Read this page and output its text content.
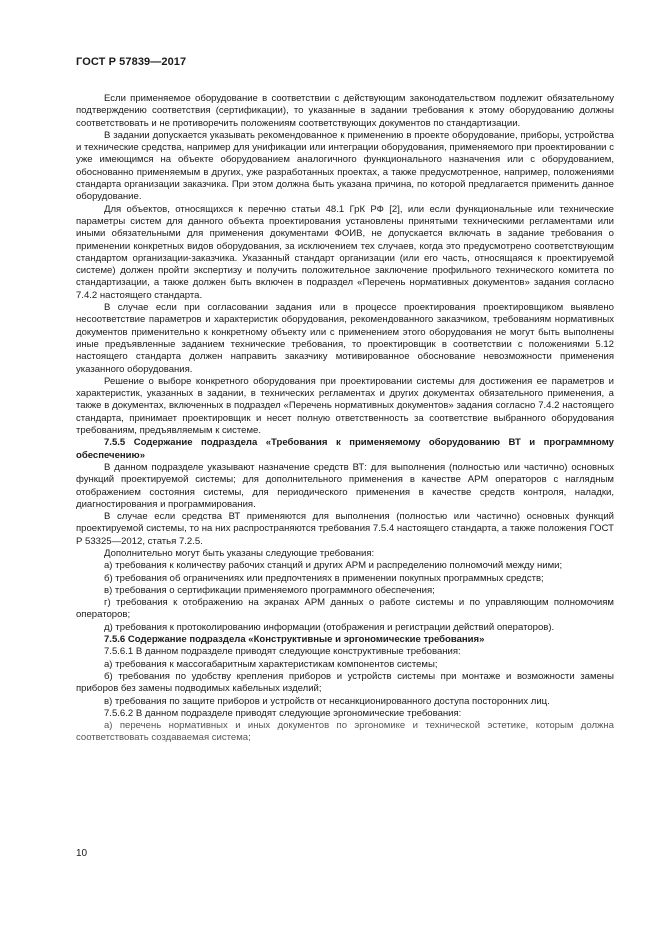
ГОСТ Р 57839—2017

Если применяемое оборудование в соответствии с действующим законодательством подлежит обязательному подтверждению соответствия (сертификации), то указанные в задании требования к этому оборудованию должны соответствовать и не противоречить положениям соответствующих документов по стандартизации.

В задании допускается указывать рекомендованное к применению в проекте оборудование, приборы, устройства и технические средства, например для унификации или интеграции оборудования, применяемого при проектировании с уже имеющимся на объекте оборудованием аналогичного функционального назначения или с оборудованием, обоснованно применяемым в других, уже разработанных проектах, а также предусмотренное, например, положениями стандарта организации заказчика. При этом должна быть указана причина, по которой предлагается применить данное оборудование.

Для объектов, относящихся к перечню статьи 48.1 ГрК РФ [2], или если функциональные или технические параметры систем для данного объекта проектирования установлены принятыми техническими регламентами или иными обязательными для применения документами ФОИВ, не допускается включать в задание требования о применении конкретных видов оборудования, за исключением тех случаев, когда это предусмотрено соответствующим стандартом организации-заказчика. Указанный стандарт организации (или его часть, относящаяся к проектируемой системе) должен пройти экспертизу и получить положительное заключение профильного технического комитета по стандартизации, а также должен быть включен в подраздел «Перечень нормативных документов» задания согласно 7.4.2 настоящего стандарта.

В случае если при согласовании задания или в процессе проектирования проектировщиком выявлено несоответствие параметров и характеристик оборудования, рекомендованного заказчиком, требованиям нормативных документов применительно к конкретному объекту или с применением этого оборудования не могут быть выполнены иные предъявленные заданием технические требования, то проектировщик в соответствии с положениями 5.12 настоящего стандарта должен направить заказчику мотивированное обоснование невозможности применения указанного оборудования.

Решение о выборе конкретного оборудования при проектировании системы для достижения ее параметров и характеристик, указанных в задании, в технических регламентах и других документах обязательного применения, а также в документах, включенных в подраздел «Перечень нормативных документов» задания согласно 7.4.2 настоящего стандарта, принимает проектировщик и несет полную ответственность за соответствие выбранного оборудования требованиям, предъявляемым к системе.

7.5.5 Содержание подраздела «Требования к применяемому оборудованию ВТ и программному обеспечению»

В данном подразделе указывают назначение средств ВТ: для выполнения (полностью или частично) основных функций проектируемой системы; для дополнительного применения в качестве АРМ операторов с наглядным отображением состояния системы, для периодического применения в качестве средств контроля, наладки, диагностирования и программирования.

В случае если средства ВТ применяются для выполнения (полностью или частично) основных функций проектируемой системы, то на них распространяются требования 7.5.4 настоящего стандарта, а также положения ГОСТ Р 53325—2012, статья 7.2.5.

Дополнительно могут быть указаны следующие требования:

а) требования к количеству рабочих станций и других АРМ и распределению полномочий между ними;

б) требования об ограничениях или предпочтениях в применении покупных программных средств;

в) требования о сертификации применяемого программного обеспечения;

г) требования к отображению на экранах АРМ данных о работе системы и по управляющим полномочиям операторов;

д) требования к протоколированию информации (отображения и регистрации действий операторов).

7.5.6 Содержание подраздела «Конструктивные и эргономические требования»

7.5.6.1 В данном подразделе приводят следующие конструктивные требования:

а) требования к массогабаритным характеристикам компонентов системы;

б) требования по удобству крепления приборов и устройств системы при монтаже и возможности замены приборов без замены подводимых кабельных изделий;

в) требования по защите приборов и устройств от несанкционированного доступа посторонних лиц.

7.5.6.2 В данном подразделе приводят следующие эргономические требования:

а) перечень нормативных и иных документов по эргономике и технической эстетике, которым должна соответствовать создаваемая система;

10
